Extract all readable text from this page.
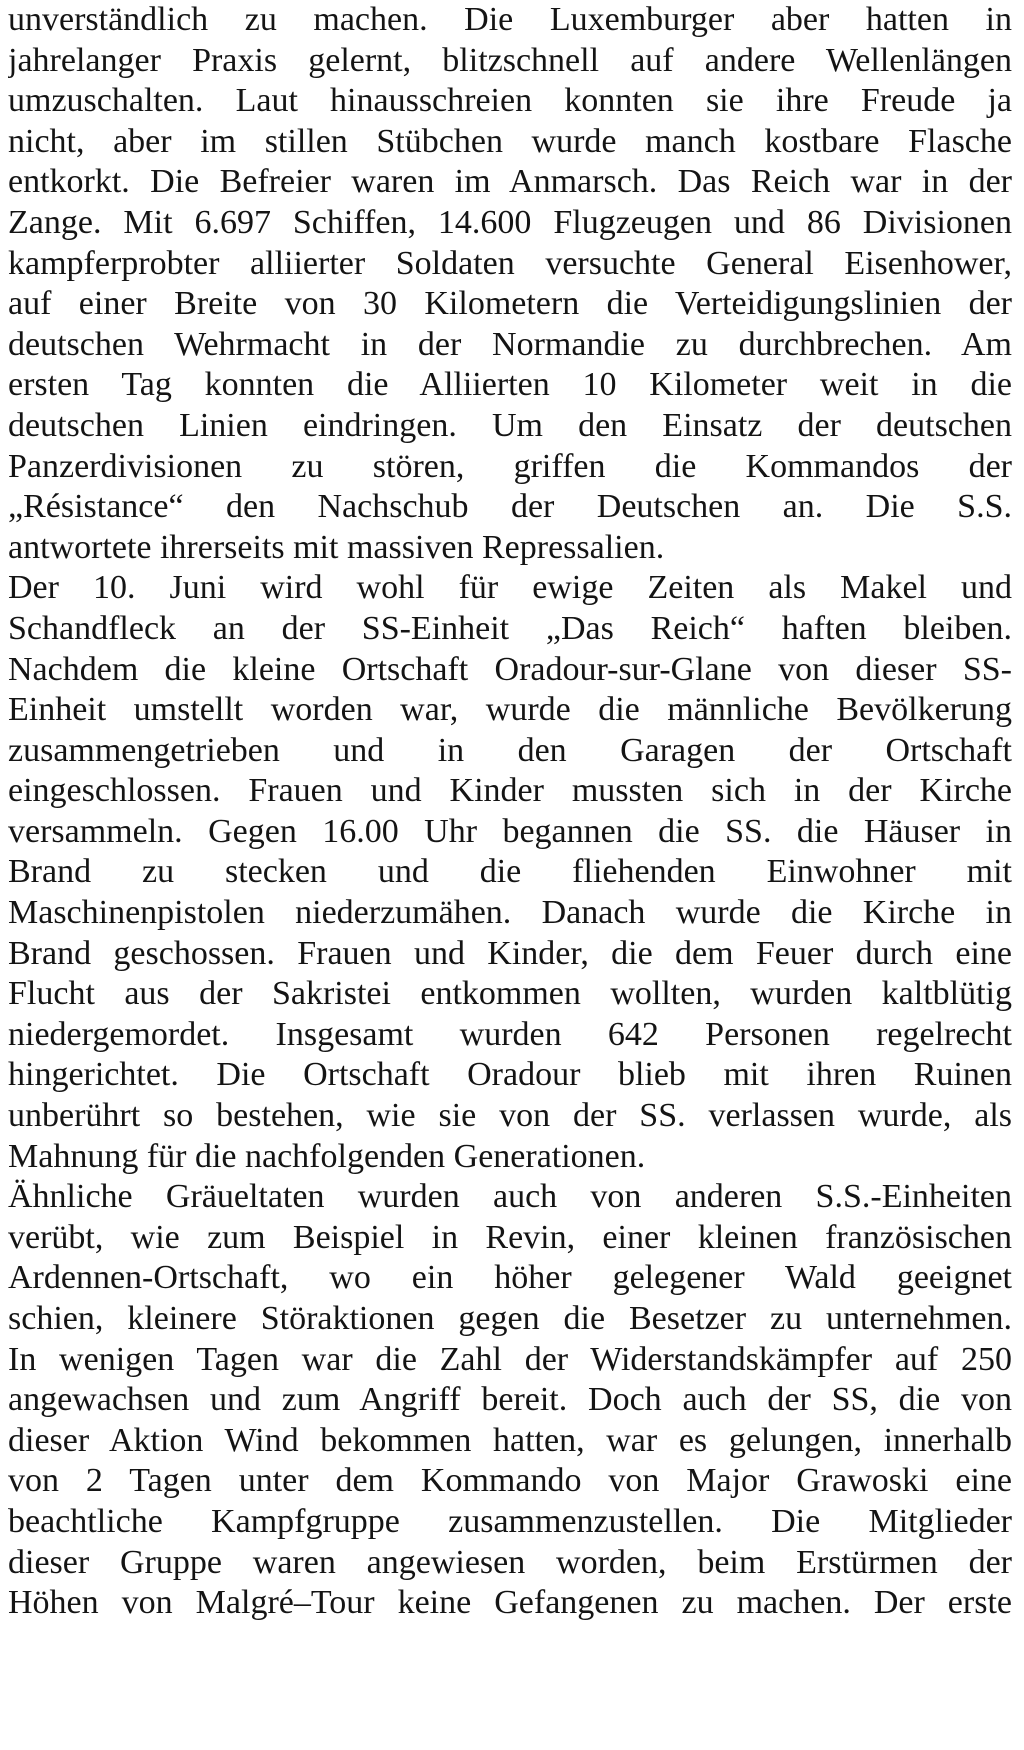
unverständlich zu machen. Die Luxemburger aber hatten in
jahrelanger Praxis gelernt, blitzschnell auf andere Wellenlängen
umzuschalten. Laut hinausschreien konnten sie ihre Freude ja
nicht, aber im stillen Stübchen wurde manch kostbare Flasche
entkorkt. Die Befreier waren im Anmarsch. Das Reich war in der
Zange. Mit 6.697 Schiffen, 14.600 Flugzeugen und 86 Divisionen
kampferprobter alliierter Soldaten versuchte General Eisenhower,
auf einer Breite von 30 Kilometern die Verteidigungslinien der
deutschen Wehrmacht in der Normandie zu durchbrechen. Am
ersten Tag konnten die Alliierten 10 Kilometer weit in die
deutschen Linien eindringen. Um den Einsatz der deutschen
Panzerdivisionen zu stören, griffen die Kommandos der
„Résistance“ den Nachschub der Deutschen an. Die S.S.
antwortete ihrerseits mit massiven Repressalien.
Der 10. Juni wird wohl für ewige Zeiten als Makel und
Schandfleck an der SS-Einheit „Das Reich“ haften bleiben.
Nachdem die kleine Ortschaft Oradour-sur-Glane von dieser SS-
Einheit umstellt worden war, wurde die männliche Bevölkerung
zusammengetrieben und in den Garagen der Ortschaft
eingeschlossen. Frauen und Kinder mussten sich in der Kirche
versammeln. Gegen 16.00 Uhr begannen die SS. die Häuser in
Brand zu stecken und die fliehenden Einwohner mit
Maschinenpistolen niederzumähen. Danach wurde die Kirche in
Brand geschossen. Frauen und Kinder, die dem Feuer durch eine
Flucht aus der Sakristei entkommen wollten, wurden kaltblütig
niedergemordet. Insgesamt wurden 642 Personen regelrecht
hingerichtet. Die Ortschaft Oradour blieb mit ihren Ruinen
unberührt so bestehen, wie sie von der SS. verlassen wurde, als
Mahnung für die nachfolgenden Generationen.
Ähnliche Gräueltaten wurden auch von anderen S.S.-Einheiten
verübt, wie zum Beispiel in Revin, einer kleinen französischen
Ardennen-Ortschaft, wo ein höher gelegener Wald geeignet
schien, kleinere Störaktionen gegen die Besetzer zu unternehmen.
In wenigen Tagen war die Zahl der Widerstandskämpfer auf 250
angewachsen und zum Angriff bereit. Doch auch der SS, die von
dieser Aktion Wind bekommen hatten, war es gelungen, innerhalb
von 2 Tagen unter dem Kommando von Major Grawoski eine
beachtliche Kampfgruppe zusammenzustellen. Die Mitglieder
dieser Gruppe waren angewiesen worden, beim Erstürmen der
Höhen von Malgré–Tour keine Gefangenen zu machen. Der erste
